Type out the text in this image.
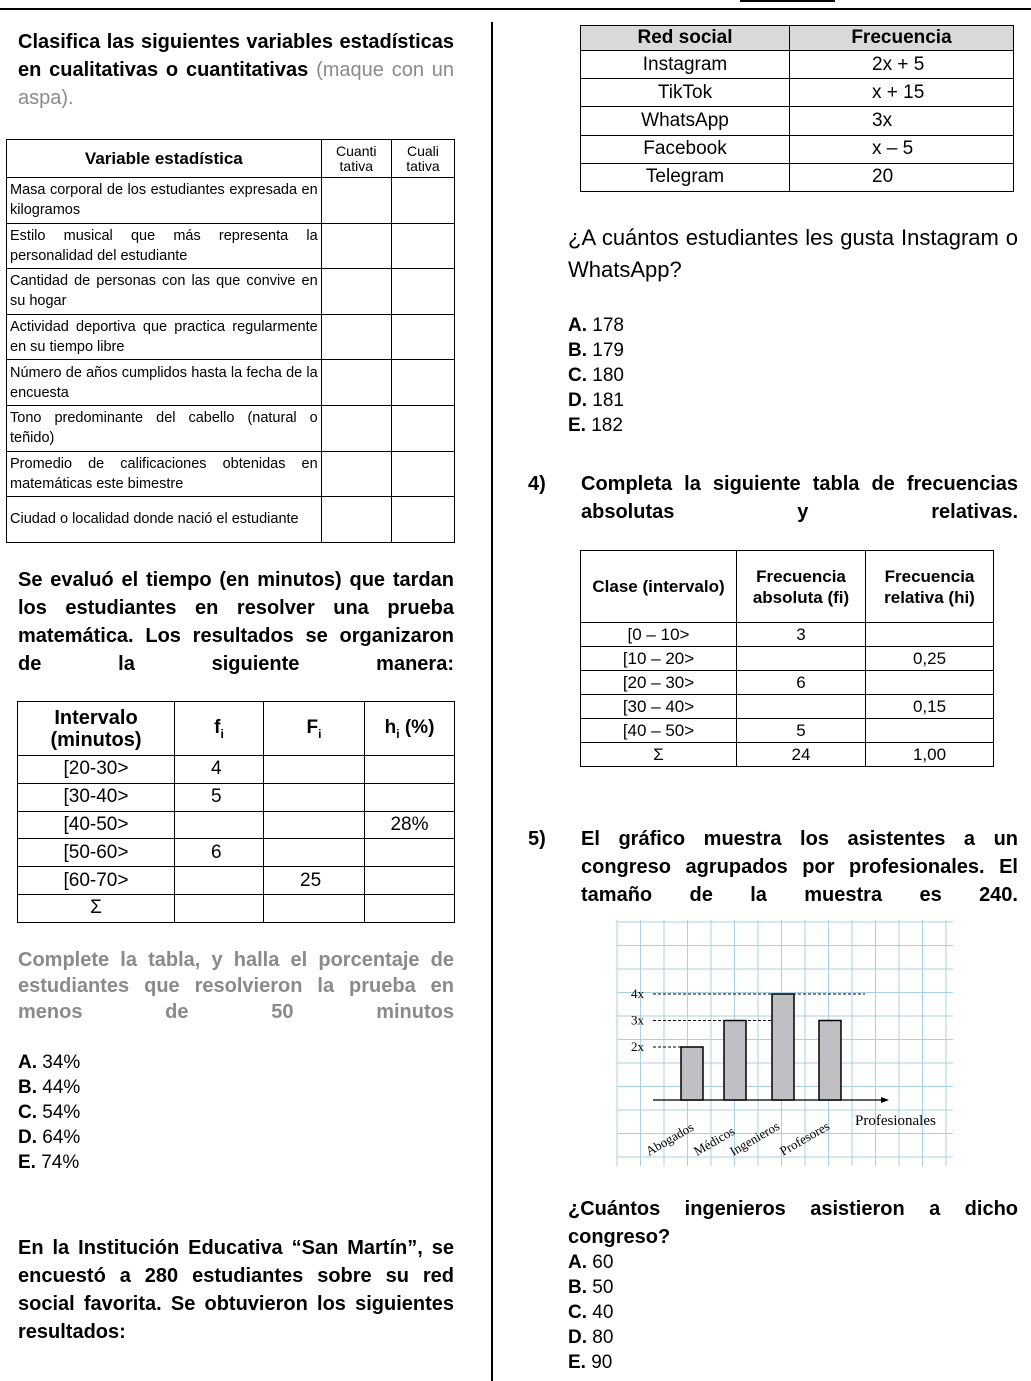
Clasifica las siguientes variables estadísticas en cualitativas o cuantitativas (maque con un aspa).
Variable estadística	Cuanti tativa	Cuali tativa
Masa corporal de los estudiantes expresada en kilogramos		
Estilo musical que más representa la personalidad del estudiante		
Cantidad de personas con las que convive en su hogar		
Actividad deportiva que practica regularmente en su tiempo libre		
Número de años cumplidos hasta la fecha de la encuesta		
Tono predominante del cabello (natural o teñido)		
Promedio de calificaciones obtenidas en matemáticas este bimestre		
Ciudad o localidad donde nació el estudiante		
Se evaluó el tiempo (en minutos) que tardan los estudiantes en resolver una prueba matemática. Los resultados se organizaron de la siguiente manera:
Intervalo (minutos)	$f_i$	$F_i$	$h_i$ (%)
[20-30>	4		
[30-40>	5		
[40-50>			28%
[50-60>	6		
[60-70>		25	
Σ			
Complete la tabla, y halla el porcentaje de estudiantes que resolvieron la prueba en menos de 50 minutos
A. 34%
B. 44%
C. 54%
D. 64%
E. 74%
En la Institución Educativa “San Martín”, se encuestó a 280 estudiantes sobre su red social favorita. Se obtuvieron los siguientes resultados:
Red social	Frecuencia
Instagram	2x + 5
TikTok	x + 15
WhatsApp	3x
Facebook	x – 5
Telegram	20
¿A cuántos estudiantes les gusta Instagram o WhatsApp?
A. 178
B. 179
C. 180
D. 181
E. 182
4) Completa la siguiente tabla de frecuencias absolutas y relativas.
Clase (intervalo)	Frecuencia absoluta (fi)	Frecuencia relativa (hi)
[0 – 10>	3	
[10 – 20>		0,25
[20 – 30>	6	
[30 – 40>		0,15
[40 – 50>	5	
Σ	24	1,00
5) El gráfico muestra los asistentes a un congreso agrupados por profesionales. El tamaño de la muestra es 240.
Profesionales
2x
3x
4x
Abogados
Médicos
Ingenieros
Profesores
¿Cuántos ingenieros asistieron a dicho congreso?
A. 60
B. 50
C. 40
D. 80
E. 90
